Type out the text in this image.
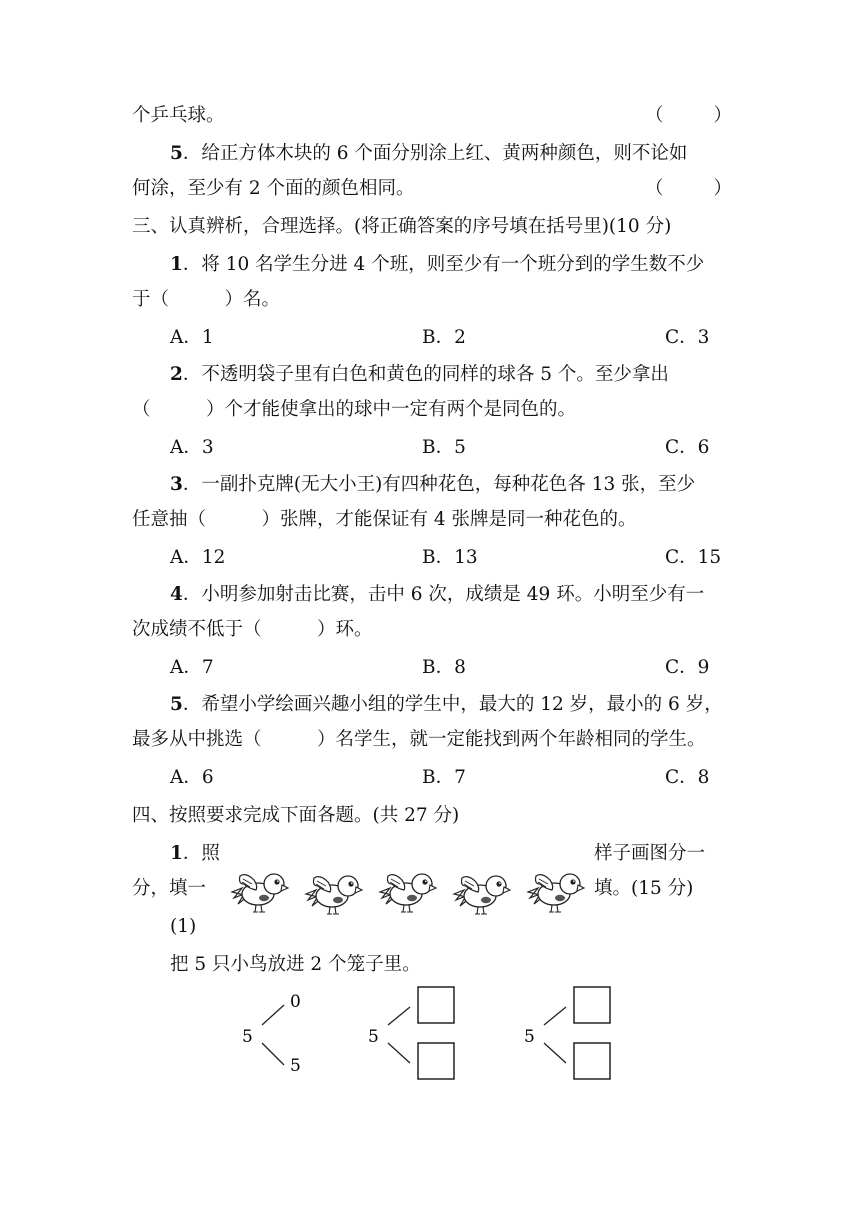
个乒乓球。	（	）
5．给正方体木块的 6 个面分别涂上红、黄两种颜色，则不论如
何涂，至少有 2 个面的颜色相同。	（	）
三、认真辨析，合理选择。(将正确答案的序号填在括号里)(10 分)
1．将 10 名学生分进 4 个班，则至少有一个班分到的学生数不少
于（　　　）名。
A．1	B．2	C．3
2．不透明袋子里有白色和黄色的同样的球各 5 个。至少拿出
（　　　）个才能使拿出的球中一定有两个是同色的。
A．3	B．5	C．6
3．一副扑克牌(无大小王)有四种花色，每种花色各 13 张，至少
任意抽（　　　）张牌，才能保证有 4 张牌是同一种花色的。
A．12	B．13	C．15
4．小明参加射击比赛，击中 6 次，成绩是 49 环。小明至少有一
次成绩不低于（　　　）环。
A．7	B．8	C．9
5．希望小学绘画兴趣小组的学生中，最大的 12 岁，最小的 6 岁，
最多从中挑选（　　　）名学生，就一定能找到两个年龄相同的学生。
A．6	B．7	C．8
四、按照要求完成下面各题。(共 27 分)
1．照	样子画图分一
分，填一	填。(15 分)
(1)
把 5 只小鸟放进 2 个笼子里。
5
0
5
5	5
